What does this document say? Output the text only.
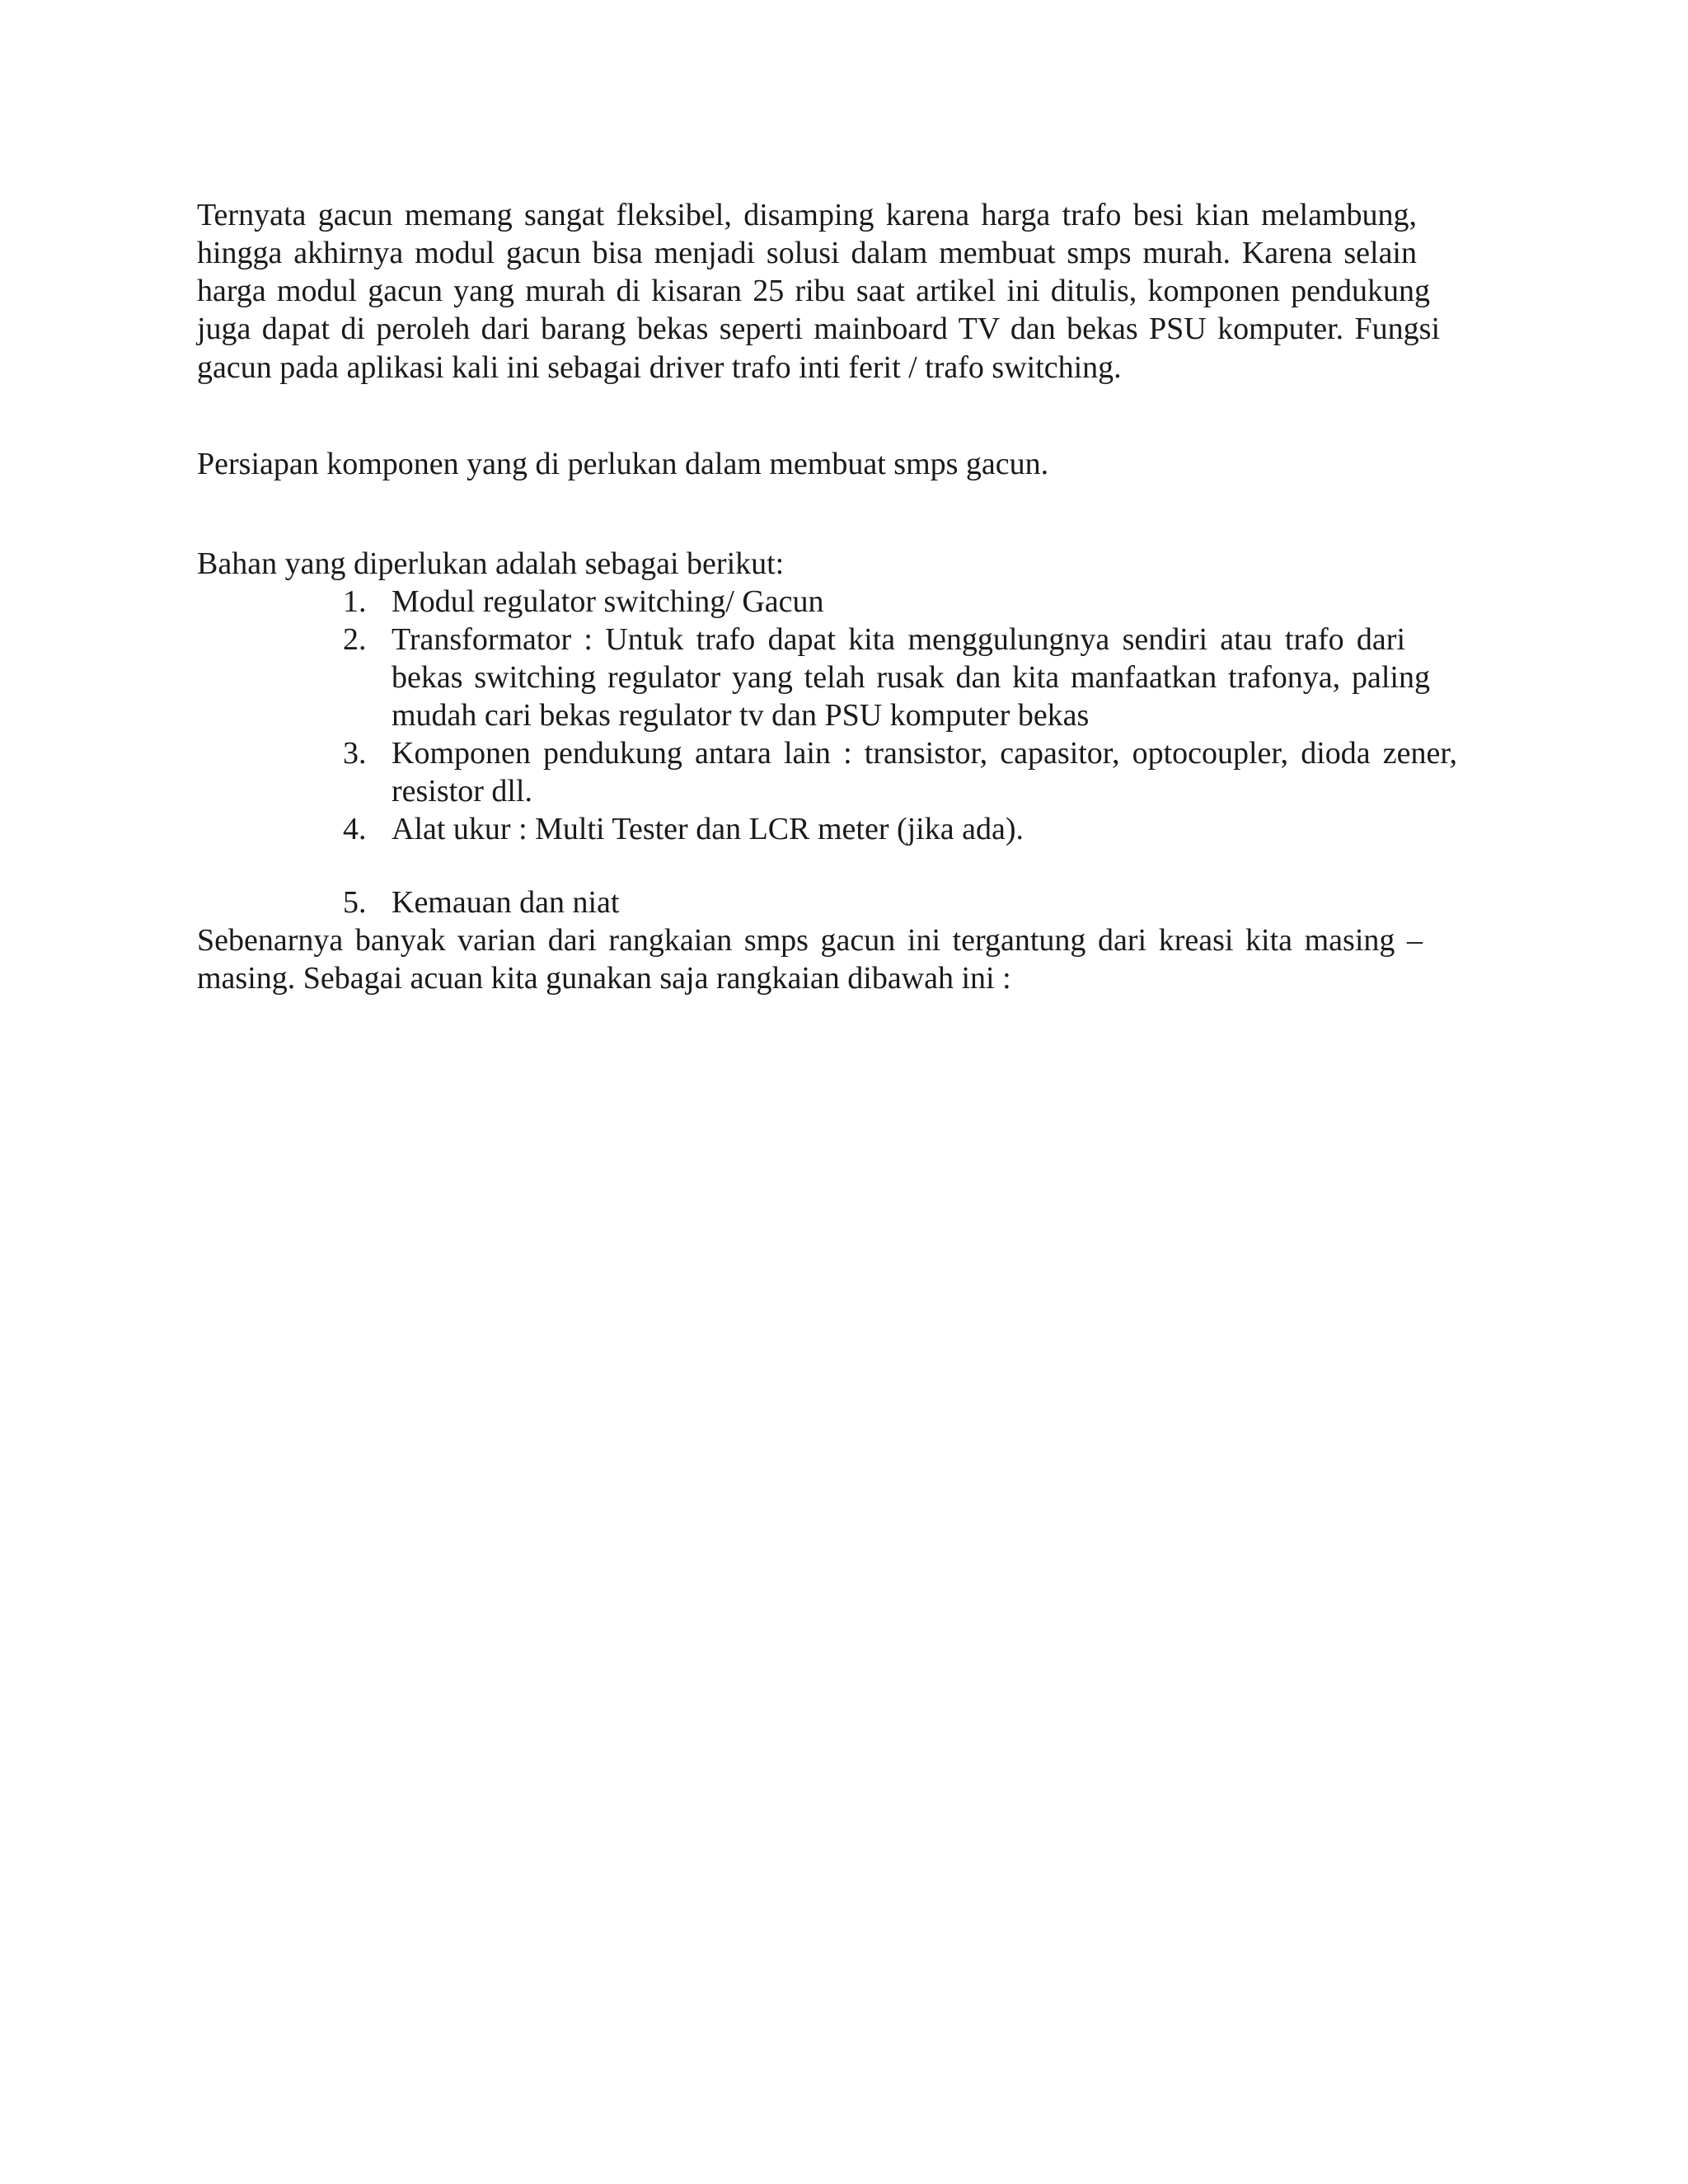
Ternyata gacun memang sangat fleksibel, disamping karena harga trafo besi kian melambung,
hingga akhirnya modul gacun bisa menjadi solusi dalam membuat smps murah. Karena selain
harga modul gacun yang murah di kisaran 25 ribu saat artikel ini ditulis, komponen pendukung
juga dapat di peroleh dari barang bekas seperti mainboard TV dan bekas PSU komputer. Fungsi
gacun pada aplikasi kali ini sebagai driver trafo inti ferit / trafo switching.
Persiapan komponen yang di perlukan dalam membuat smps gacun.
Bahan yang diperlukan adalah sebagai berikut:
1. Modul regulator switching/ Gacun
2. Transformator : Untuk trafo dapat kita menggulungnya sendiri atau trafo dari
bekas switching regulator yang telah rusak dan kita manfaatkan trafonya, paling
mudah cari bekas regulator tv dan PSU komputer bekas
3. Komponen pendukung antara lain : transistor, capasitor, optocoupler, dioda zener,
resistor dll.
4. Alat ukur : Multi Tester dan LCR meter (jika ada).
5. Kemauan dan niat
Sebenarnya banyak varian dari rangkaian smps gacun ini tergantung dari kreasi kita masing –
masing. Sebagai acuan kita gunakan saja rangkaian dibawah ini :
